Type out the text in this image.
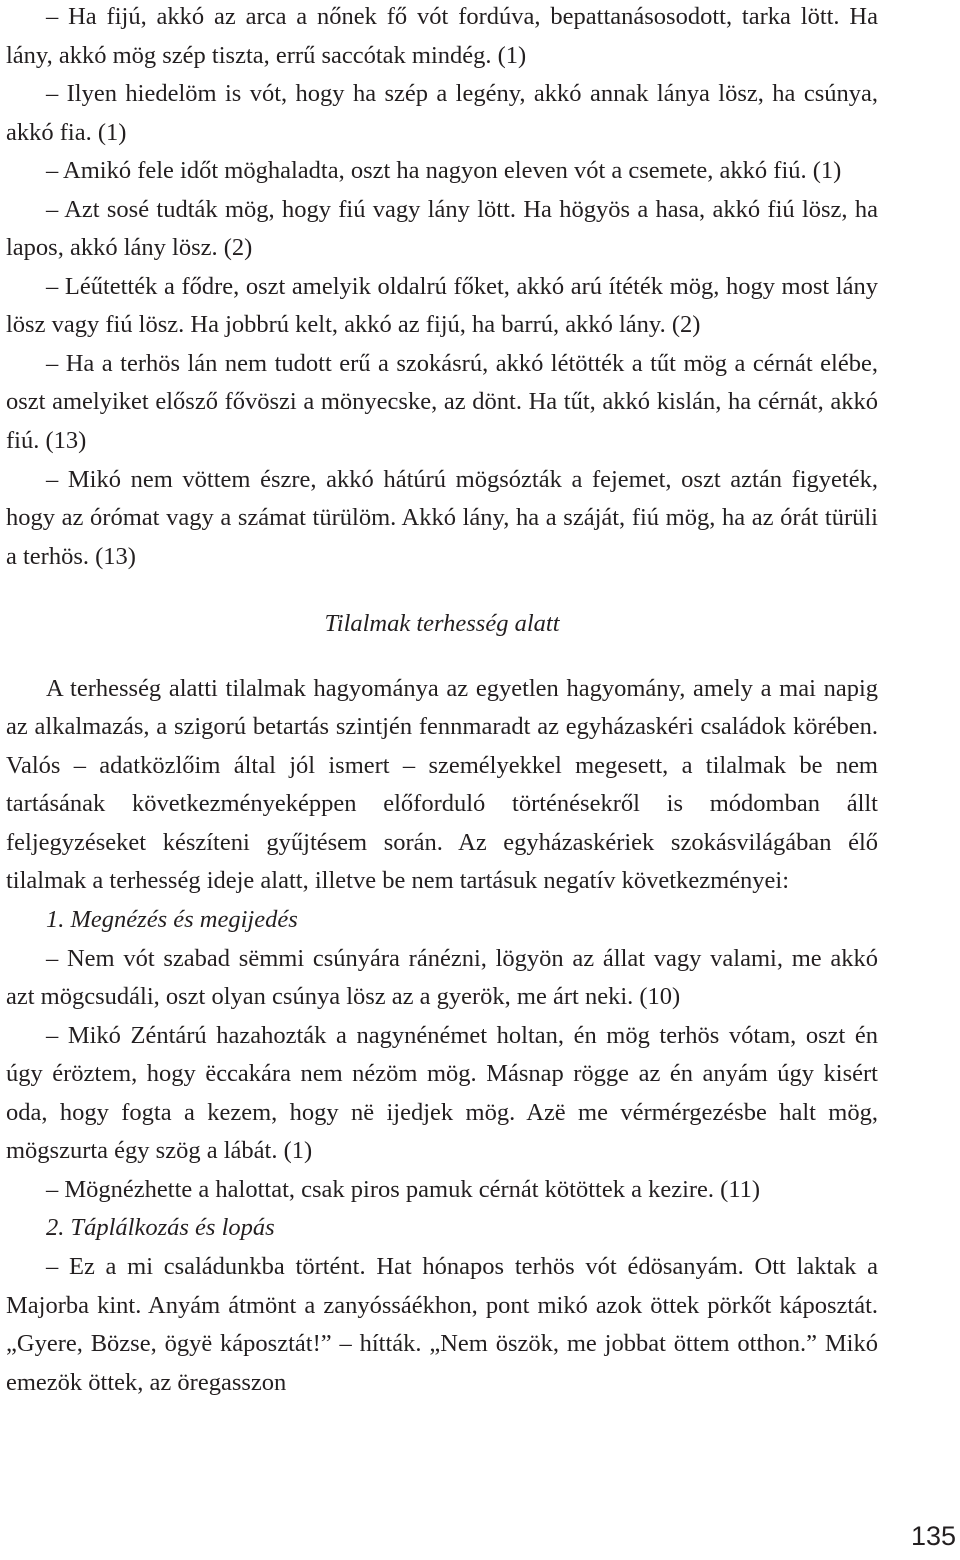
– Ha fijú, akkó az arca a nőnek fő vót fordúva, bepattanásosodott, tarka lött. Ha lány, akkó mög szép tiszta, errű saccótak mindég. (1)

– Ilyen hiedelöm is vót, hogy ha szép a legény, akkó annak lánya lösz, ha csúnya, akkó fia. (1)

– Amikó fele időt möghaladta, oszt ha nagyon eleven vót a csemete, akkó fiú. (1)

– Azt sosé tudták mög, hogy fiú vagy lány lött. Ha högyös a hasa, akkó fiú lösz, ha lapos, akkó lány lösz. (2)

– Léűtették a fődre, oszt amelyik oldalrú főket, akkó arú ítéték mög, hogy most lány lösz vagy fiú lösz. Ha jobbrú kelt, akkó az fijú, ha barrú, akkó lány. (2)

– Ha a terhös lán nem tudott erű a szokásrú, akkó létötték a tűt mög a cérnát elébe, oszt amelyiket elősző fővöszi a mönyecske, az dönt. Ha tűt, akkó kislán, ha cérnát, akkó fiú. (13)

– Mikó nem vöttem észre, akkó hátúrú mögsózták a fejemet, oszt aztán figyeték, hogy az órómat vagy a számat türülöm. Akkó lány, ha a száját, fiú mög, ha az órát türüli a terhös. (13)

Tilalmak terhesség alatt

A terhesség alatti tilalmak hagyománya az egyetlen hagyomány, amely a mai napig az alkalmazás, a szigorú betartás szintjén fennmaradt az egyházaskéri családok körében. Valós – adatközlőim által jól ismert – személyekkel megesett, a tilalmak be nem tartásának következményeképpen előforduló történésekről is módomban állt feljegyzéseket készíteni gyűjtésem során. Az egyházaskériek szokásvilágában élő tilalmak a terhesség ideje alatt, illetve be nem tartásuk negatív következményei:

1. Megnézés és megijedés

– Nem vót szabad sëmmi csúnyára ránézni, lögyön az állat vagy valami, me akkó azt mögcsudáli, oszt olyan csúnya lösz az a gyerök, me árt neki. (10)

– Mikó Zéntárú hazahozták a nagynénémet holtan, én mög terhös vótam, oszt én úgy éröztem, hogy ëccakára nem nézöm mög. Másnap rögge az én anyám úgy kisért oda, hogy fogta a kezem, hogy në ijedjek mög. Azë me vérmérgezésbe halt mög, mögszurta égy szög a lábát. (1)

– Mögnézhette a halottat, csak piros pamuk cérnát kötöttek a kezire. (11)

2. Táplálkozás és lopás

– Ez a mi családunkba történt. Hat hónapos terhös vót édösanyám. Ott laktak a Majorba kint. Anyám átmönt a zanyóssáékhon, pont mikó azok öttek pörkőt káposztát. „Gyere, Bözse, ögyë káposztát!” – hítták. „Nem öszök, me jobbat öttem otthon.” Mikó emezök öttek, az öregasszon

135
